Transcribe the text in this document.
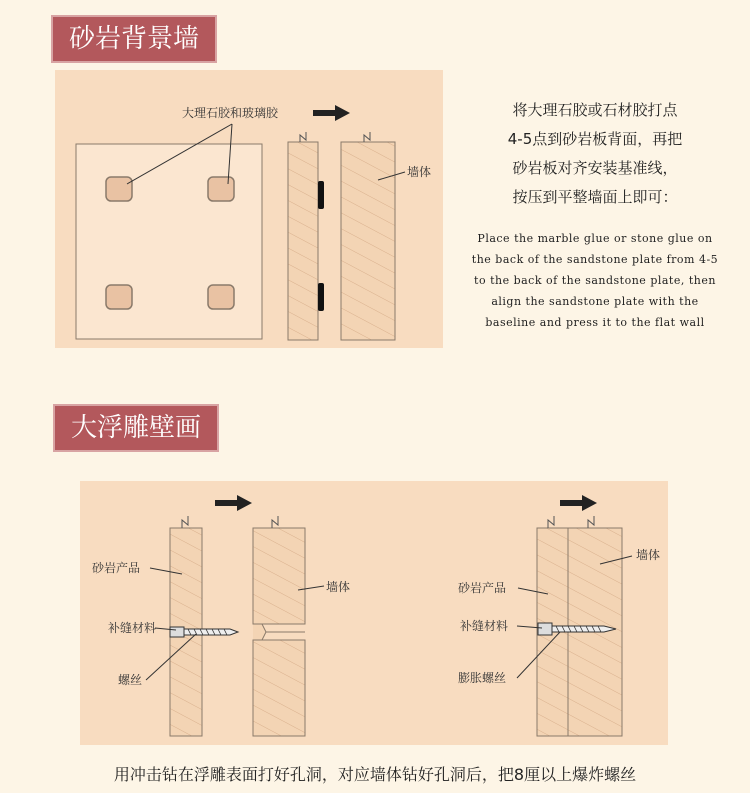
砂岩背景墙
将大理石胶或石材胶打点
4-5点到砂岩板背面，再把
砂岩板对齐安装基准线，
按压到平整墙面上即可：
Place the marble glue or stone glue on
the back of the sandstone plate from 4-5
to the back of the sandstone plate, then
align the sandstone plate with the
baseline and press it to the flat wall
大浮雕壁画
大理石胶和玻璃胶
墙体
砂岩产品
补缝材料
螺丝
墙体
墙体
砂岩产品
补缝材料
膨胀螺丝
用冲击钻在浮雕表面打好孔洞，对应墙体钻好孔洞后，把8厘以上爆炸螺丝
